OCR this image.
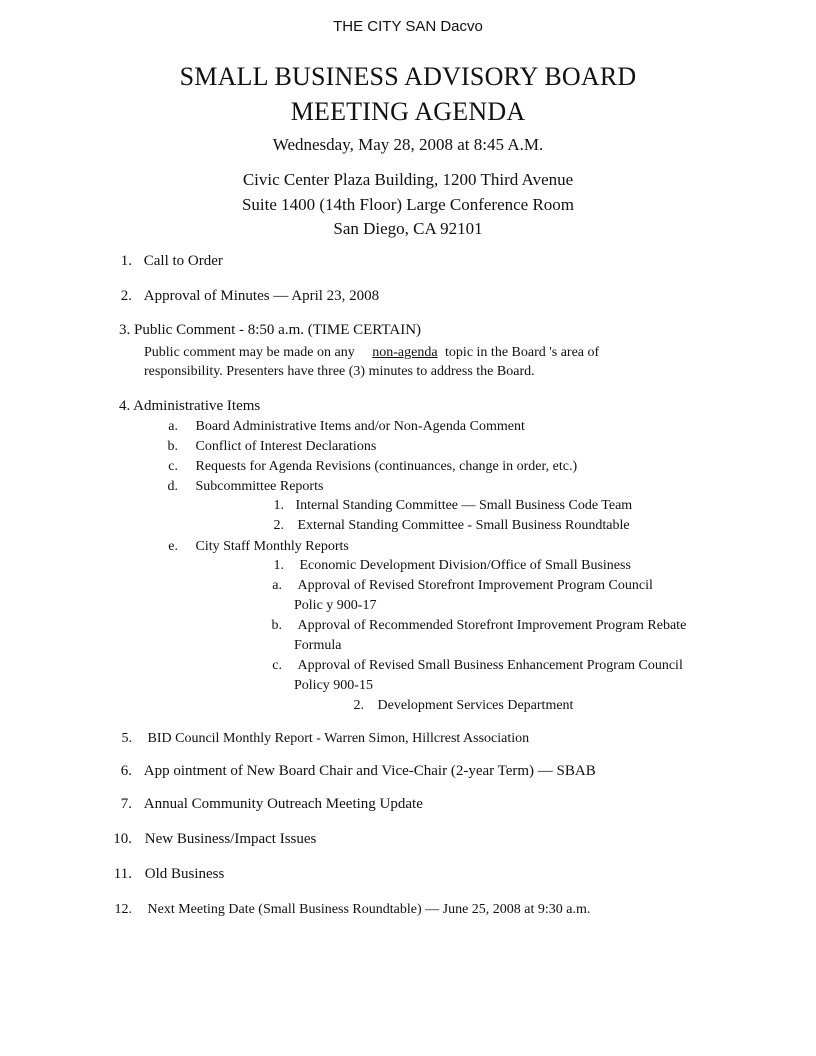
THE CITY SAN Dacvo
SMALL BUSINESS ADVISORY BOARD
MEETING AGENDA
Wednesday, May 28, 2008 at 8:45 A.M.
Civic Center Plaza Building, 1200 Third Avenue
Suite 1400 (14th Floor) Large Conference Room
San Diego, CA 92101
1. Call to Order
2. Approval of Minutes — April 23, 2008
3. Public Comment - 8:50 a.m. (TIME CERTAIN)
Public comment may be made on any non-agenda topic in the Board 's area of
responsibility. Presenters have three (3) minutes to address the Board.
4. Administrative Items
a. Board Administrative Items and/or Non-Agenda Comment
b. Conflict of Interest Declarations
c. Requests for Agenda Revisions (continuances, change in order, etc.)
d. Subcommittee Reports
1. Internal Standing Committee — Small Business Code Team
2. External Standing Committee - Small Business Roundtable
e. City Staff Monthly Reports
1. Economic Development Division/Office of Small Business
a. Approval of Revised Storefront Improvement Program Council
Polic y 900-17
b. Approval of Recommended Storefront Improvement Program Rebate
Formula
c. Approval of Revised Small Business Enhancement Program Council
Policy 900-15
2. Development Services Department
5. BID Council Monthly Report - Warren Simon, Hillcrest Association
6. App ointment of New Board Chair and Vice-Chair (2-year Term) — SBAB
7. Annual Community Outreach Meeting Update
10. New Business/Impact Issues
11. Old Business
12. Next Meeting Date (Small Business Roundtable) — June 25, 2008 at 9:30 a.m.
